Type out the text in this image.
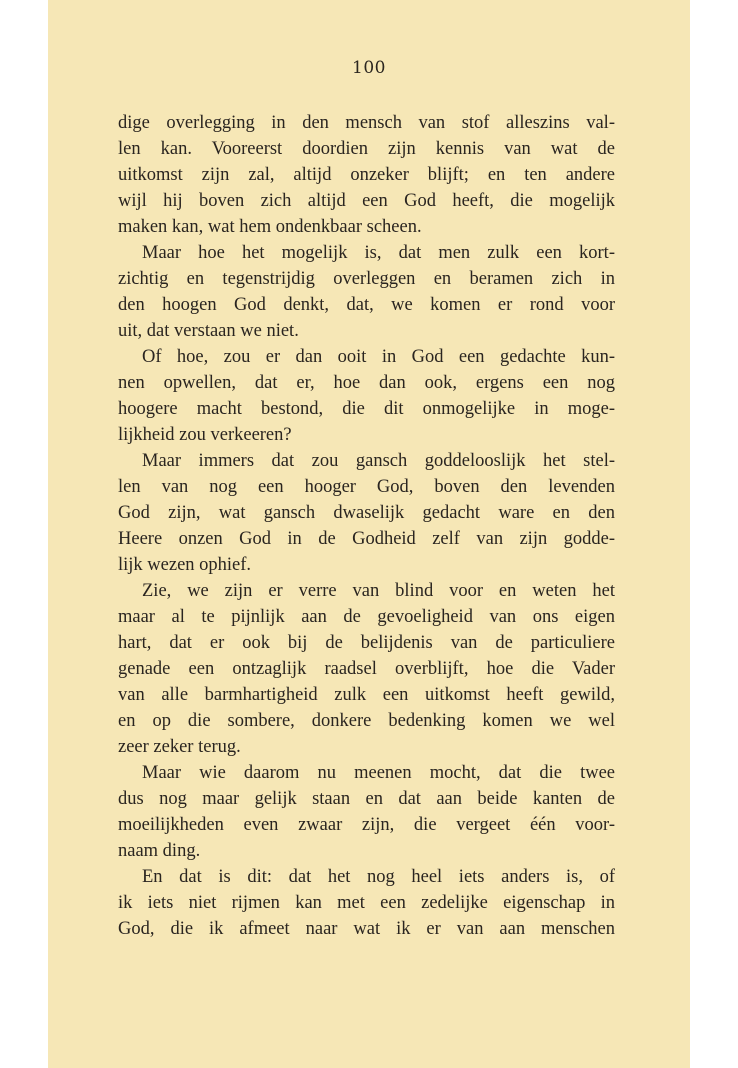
100
dige overlegging in den mensch van stof alleszins val-
len kan. Vooreerst doordien zijn kennis van wat de
uitkomst zijn zal, altijd onzeker blijft; en ten andere
wijl hij boven zich altijd een God heeft, die mogelijk
maken kan, wat hem ondenkbaar scheen.
Maar hoe het mogelijk is, dat men zulk een kort-
zichtig en tegenstrijdig overleggen en beramen zich in
den hoogen God denkt, dat, we komen er rond voor
uit, dat verstaan we niet.
Of hoe, zou er dan ooit in God een gedachte kun-
nen opwellen, dat er, hoe dan ook, ergens een nog
hoogere macht bestond, die dit onmogelijke in moge-
lijkheid zou verkeeren?
Maar immers dat zou gansch goddelooslijk het stel-
len van nog een hooger God, boven den levenden
God zijn, wat gansch dwaselijk gedacht ware en den
Heere onzen God in de Godheid zelf van zijn godde-
lijk wezen ophief.
Zie, we zijn er verre van blind voor en weten het
maar al te pijnlijk aan de gevoeligheid van ons eigen
hart, dat er ook bij de belijdenis van de particuliere
genade een ontzaglijk raadsel overblijft, hoe die Vader
van alle barmhartigheid zulk een uitkomst heeft gewild,
en op die sombere, donkere bedenking komen we wel
zeer zeker terug.
Maar wie daarom nu meenen mocht, dat die twee
dus nog maar gelijk staan en dat aan beide kanten de
moeilijkheden even zwaar zijn, die vergeet één voor-
naam ding.
En dat is dit: dat het nog heel iets anders is, of
ik iets niet rijmen kan met een zedelijke eigenschap in
God, die ik afmeet naar wat ik er van aan menschen
